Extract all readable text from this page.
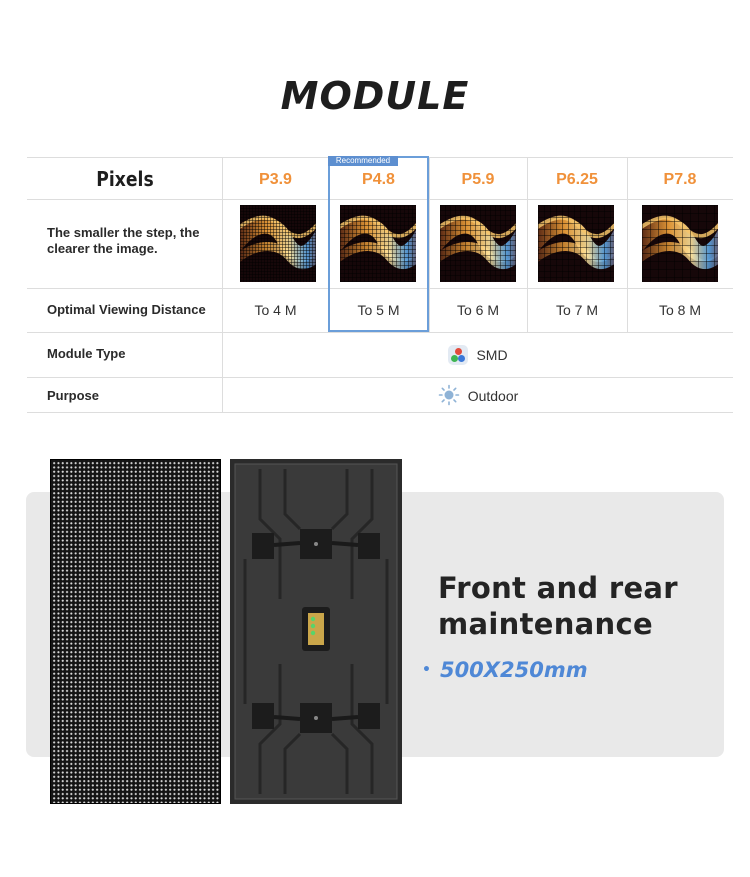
MODULE
Pixels	P3.9	P4.8	P5.9	P6.25	P7.8
The smaller the step, the clearer the image.
Optimal Viewing Distance	To 4 M	To 5 M	To 6 M	To 7 M	To 8 M
Module Type	SMD
Purpose	Outdoor
Recommended
Front and rear
maintenance
• 500X250mm
